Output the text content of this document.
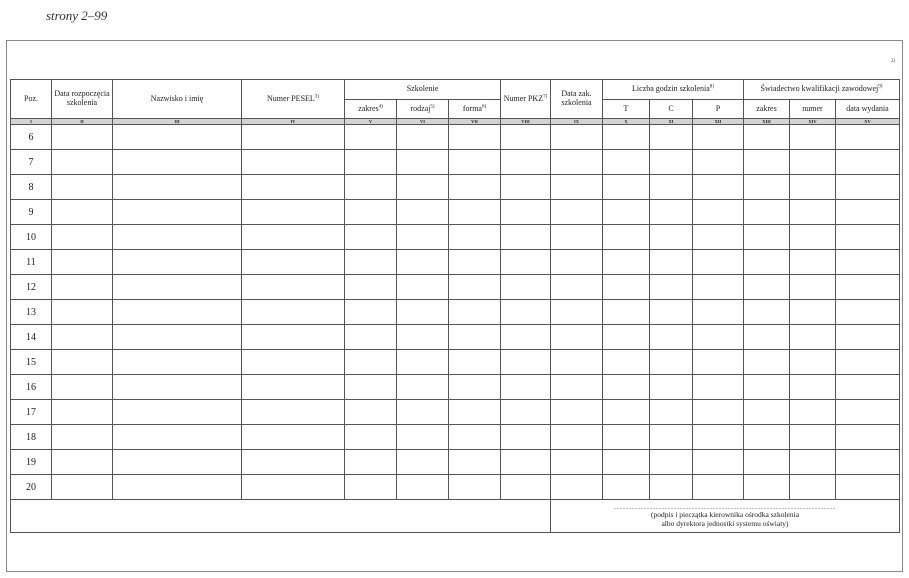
strony 2–99
2)
Poz.	Data rozpoczęcia szkolenia	Nazwisko i imię	Numer PESEL$^{3)}$	Szkolenie			Numer PKZ$^{7)}$	Data zak. szkolenia	Liczba godzin szkolenia$^{8)}$			Świadectwo kwalifikacji zawodowej$^{9)}$
				zakres$^{4)}$	rodzaj$^{5)}$	forma$^{6)}$			T	C	P	zakres	numer	data wydania
I	II	III	IV	V	VI	VII	VIII	IX	X	XI	XII	XIII	XIV	XV
6														
7														
8														
9														
10														
11														
12														
13														
14														
15														
16														
17														
18														
19														
20														

								..........................................................................
(podpis i pieczątka kierownika ośrodka szkolenia
albo dyrektora jednostki systemu oświaty)						
